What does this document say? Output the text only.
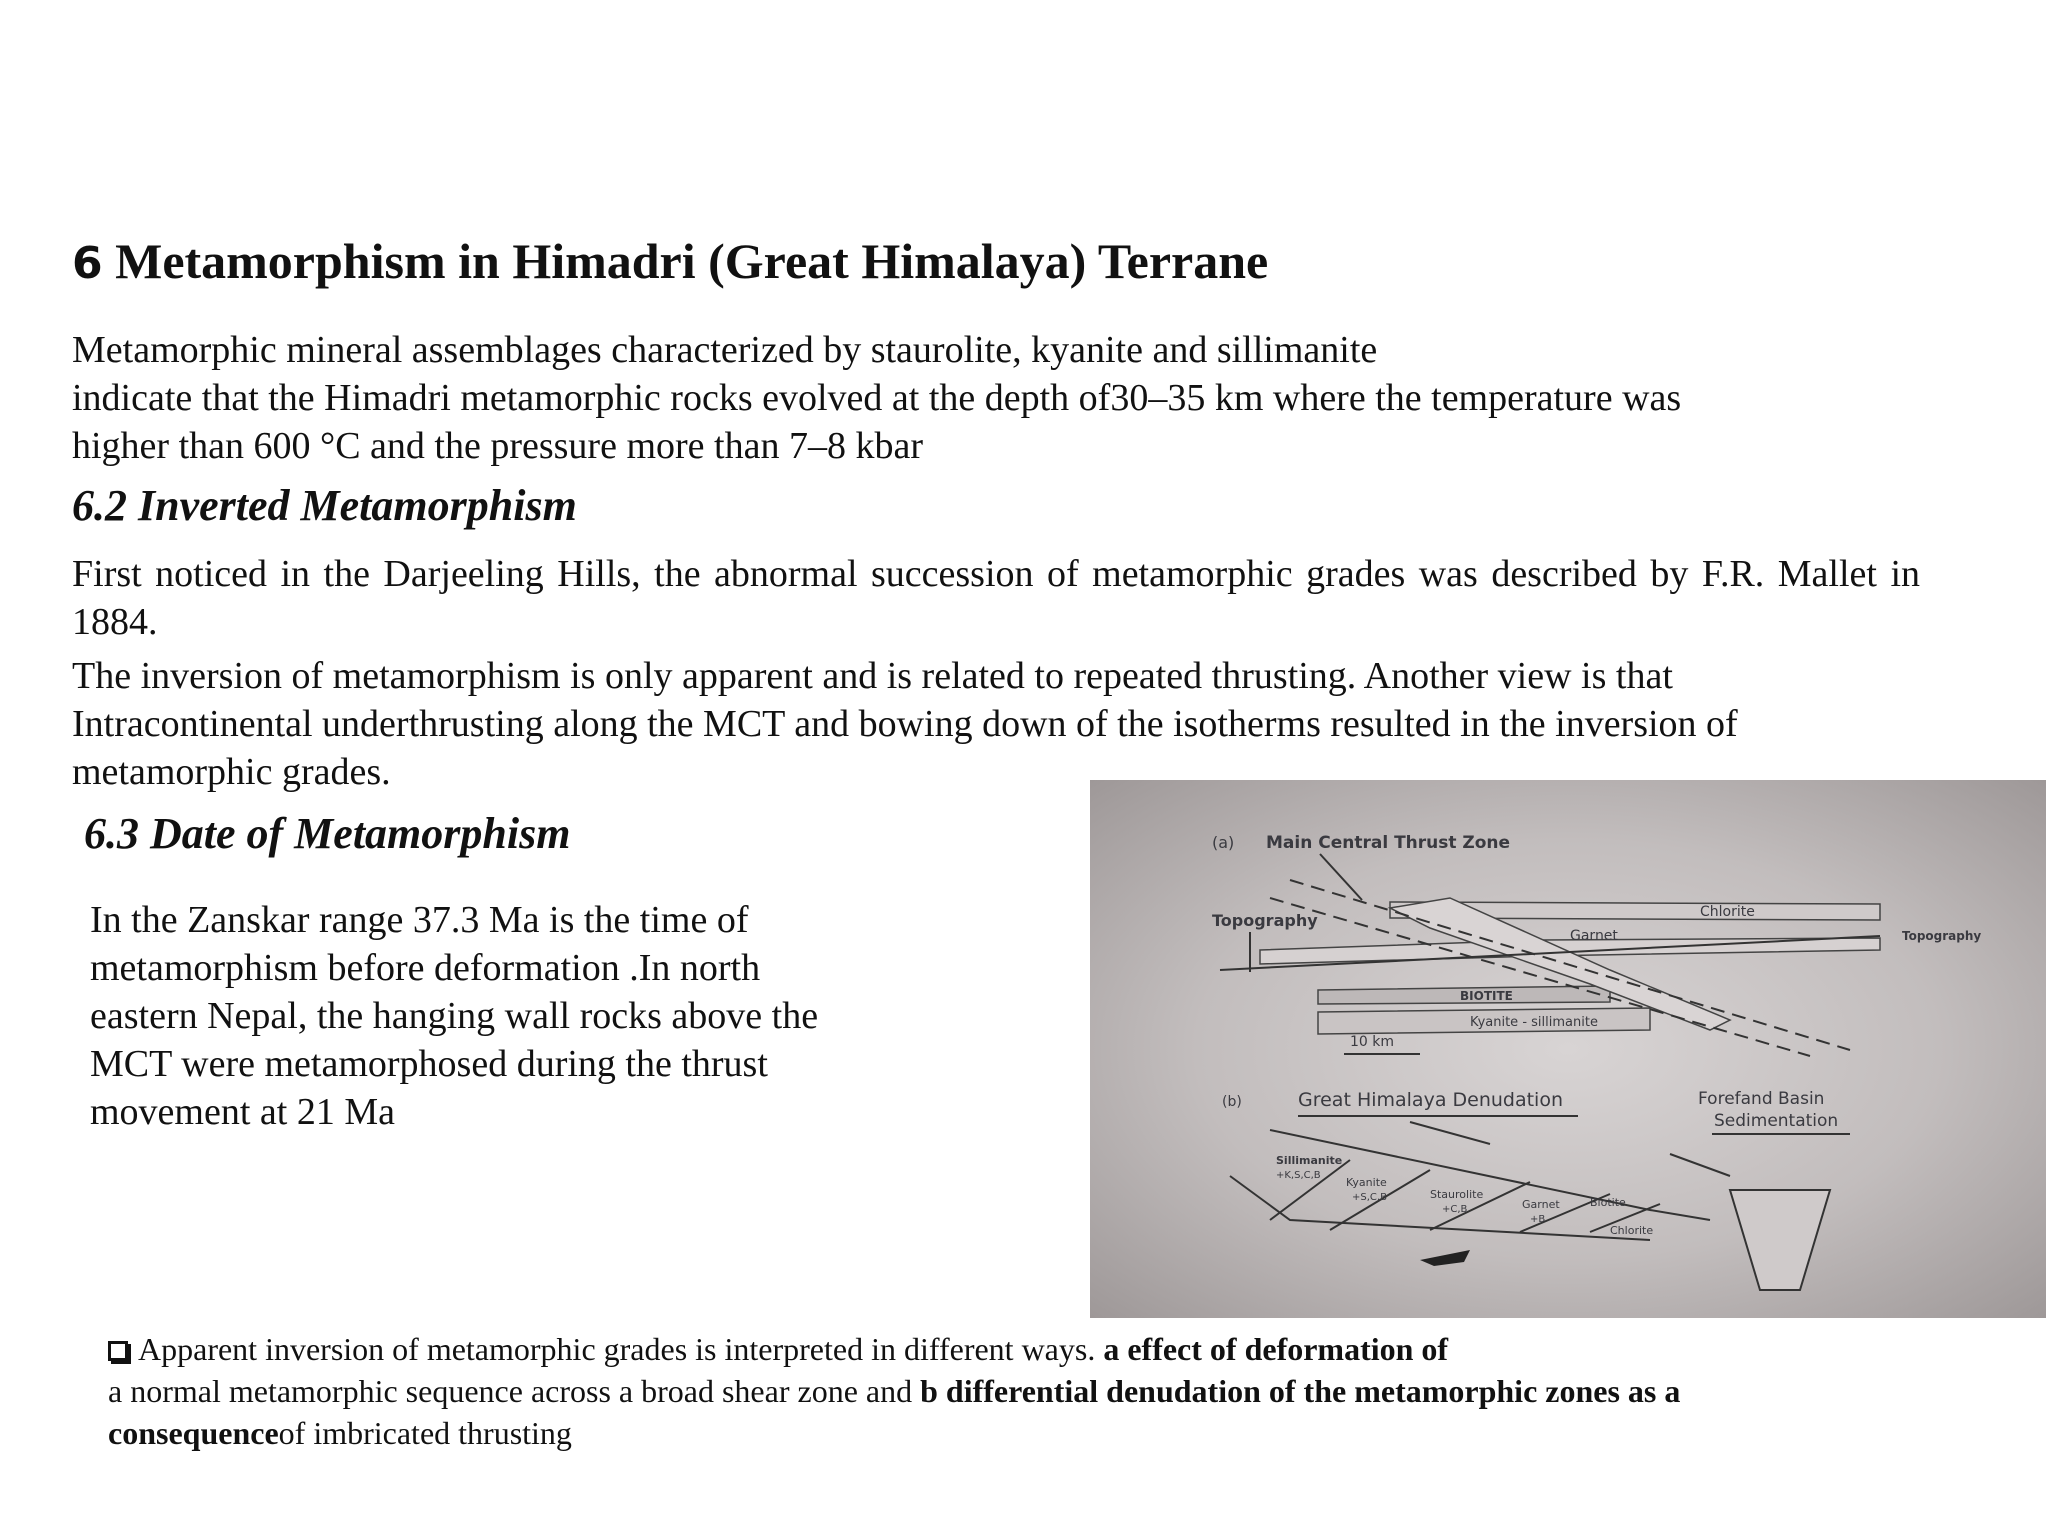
6 Metamorphism in Himadri (Great Himalaya) Terrane

Metamorphic mineral assemblages characterized by staurolite, kyanite and sillimanite
indicate that the Himadri metamorphic rocks evolved at the depth of30–35 km where the temperature was
higher than 600 °C and the pressure more than 7–8 kbar

6.2 Inverted Metamorphism

First noticed in the Darjeeling Hills, the abnormal succession of metamorphic grades was described by F.R. Mallet in 1884.

The inversion of metamorphism is only apparent and is related to repeated thrusting. Another view is that
Intracontinental underthrusting along the MCT and bowing down of the isotherms resulted in the inversion of
metamorphic grades.

6.3 Date of Metamorphism

In the Zanskar range 37.3 Ma is the time of
metamorphism before deformation .In north
eastern Nepal, the hanging wall rocks above the
MCT were metamorphosed during the thrust
movement at 21 Ma

(a) Main Central Thrust Zone
Topography	Chlorite
Garnet
BIOTITE
Kyanite - sillimanite
Topography
10 km
(b)	Great Himalaya Denudation	Forefand Basin
Sedimentation
Sillimanite
+K,S,C,B
Kyanite
+S,C,B	Staurolite
+C,B	Garnet
+B
Biotite
Chlorite

Apparent inversion of metamorphic grades is interpreted in different ways. a effect of deformation of
a normal metamorphic sequence across a broad shear zone and b differential denudation of the metamorphic zones as a
consequenceof imbricated thrusting
